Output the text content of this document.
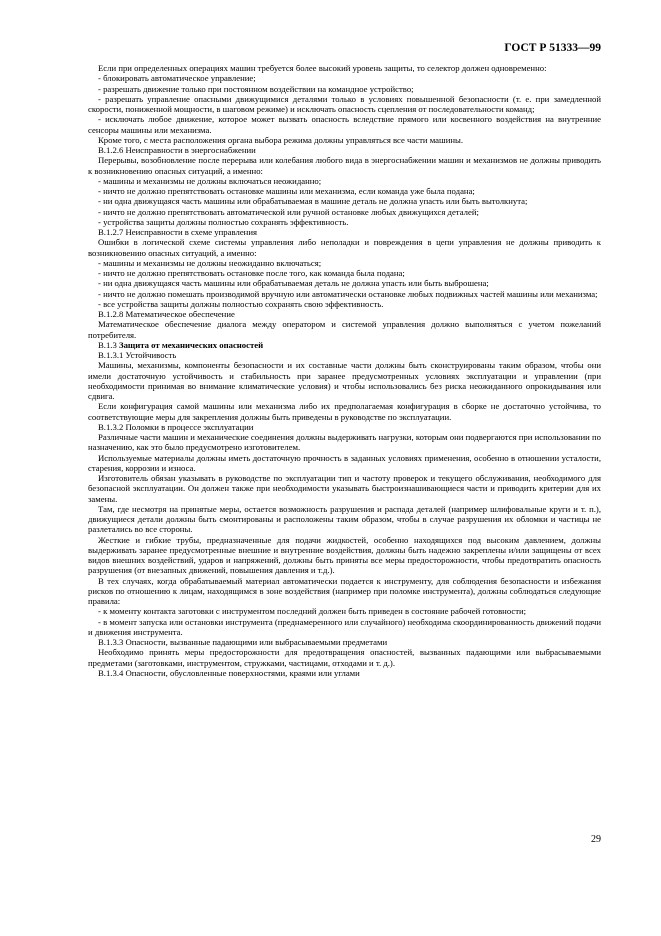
ГОСТ Р 51333—99

Если при определенных операциях машин требуется более высокий уровень защиты, то селектор должен одновременно:

- блокировать автоматическое управление;

- разрешать движение только при постоянном воздействии на командное устройство;

- разрешать управление опасными движущимися деталями только в условиях повышенной безопасности (т. е. при замедленной скорости, пониженной мощности, в шаговом режиме) и исключать опасность сцепления от последовательности команд;

- исключать любое движение, которое может вызвать опасность вследствие прямого или косвенного воздействия на внутренние сенсоры машины или механизма.

Кроме того, с места расположения органа выбора режима должны управляться все части машины.

В.1.2.6 Неисправности в энергоснабжении

Перерывы, возобновление после перерыва или колебания любого вида в энергоснабжении машин и механизмов не должны приводить к возникновению опасных ситуаций, а именно:

- машины и механизмы не должны включаться неожиданно;

- ничто не должно препятствовать остановке машины или механизма, если команда уже была подана;

- ни одна движущаяся часть машины или обрабатываемая в машине деталь не должна упасть или быть вытолкнута;

- ничто не должно препятствовать автоматической или ручной остановке любых движущихся деталей;

- устройства защиты должны полностью сохранять эффективность.

В.1.2.7 Неисправности в схеме управления

Ошибки в логической схеме системы управления либо неполадки и повреждения в цепи управления не должны приводить к возникновению опасных ситуаций, а именно:

- машины и механизмы не должны неожиданно включаться;

- ничто не должно препятствовать остановке после того, как команда была подана;

- ни одна движущаяся часть машины или обрабатываемая деталь не должна упасть или быть выброшена;

- ничто не должно помешать производимой вручную или автоматически остановке любых подвижных частей машины или механизма;

- все устройства защиты должны полностью сохранять свою эффективность.

В.1.2.8 Математическое обеспечение

Математическое обеспечение диалога между оператором и системой управления должно выполняться с учетом пожеланий потребителя.

В.1.3 Защита от механических опасностей

В.1.3.1 Устойчивость

Машины, механизмы, компоненты безопасности и их составные части должны быть сконструированы таким образом, чтобы они имели достаточную устойчивость и стабильность при заранее предусмотренных условиях эксплуатации и управлении (при необходимости принимая во внимание климатические условия) и чтобы использовались без риска неожиданного опрокидывания или сдвига.

Если конфигурация самой машины или механизма либо их предполагаемая конфигурация в сборке не достаточно устойчива, то соответствующие меры для закрепления должны быть приведены в руководстве по эксплуатации.

В.1.3.2 Поломки в процессе эксплуатации

Различные части машин и механические соединения должны выдерживать нагрузки, которым они подвергаются при использовании по назначению, как это было предусмотрено изготовителем.

Используемые материалы должны иметь достаточную прочность в заданных условиях применения, особенно в отношении усталости, старения, коррозии и износа.

Изготовитель обязан указывать в руководстве по эксплуатации тип и частоту проверок и текущего обслуживания, необходимого для безопасной эксплуатации. Он должен также при необходимости указывать быстроизнашивающиеся части и приводить критерии для их замены.

Там, где несмотря на принятые меры, остается возможность разрушения и распада деталей (например шлифовальные круги и т. п.), движущиеся детали должны быть смонтированы и расположены таким образом, чтобы в случае разрушения их обломки и частицы не разлетались во все стороны.

Жесткие и гибкие трубы, предназначенные для подачи жидкостей, особенно находящихся под высоким давлением, должны выдерживать заранее предусмотренные внешние и внутренние воздействия, должны быть надежно закреплены и/или защищены от всех видов внешних воздействий, ударов и напряжений, должны быть приняты все меры предосторожности, чтобы предотвратить опасность разрушения (от внезапных движений, повышения давления и т.д.).

В тех случаях, когда обрабатываемый материал автоматически подается к инструменту, для соблюдения безопасности и избежания рисков по отношению к лицам, находящимся в зоне воздействия (например при поломке инструмента), должны соблюдаться следующие правила:

- к моменту контакта заготовки с инструментом последний должен быть приведен в состояние рабочей готовности;

- в момент запуска или остановки инструмента (преднамеренного или случайного) необходима скоординированность движений подачи и движения инструмента.

В.1.3.3 Опасности, вызванные падающими или выбрасываемыми предметами

Необходимо принять меры предосторожности для предотвращения опасностей, вызванных падающими или выбрасываемыми предметами (заготовками, инструментом, стружками, частицами, отходами и т. д.).

В.1.3.4 Опасности, обусловленные поверхностями, краями или углами

29
